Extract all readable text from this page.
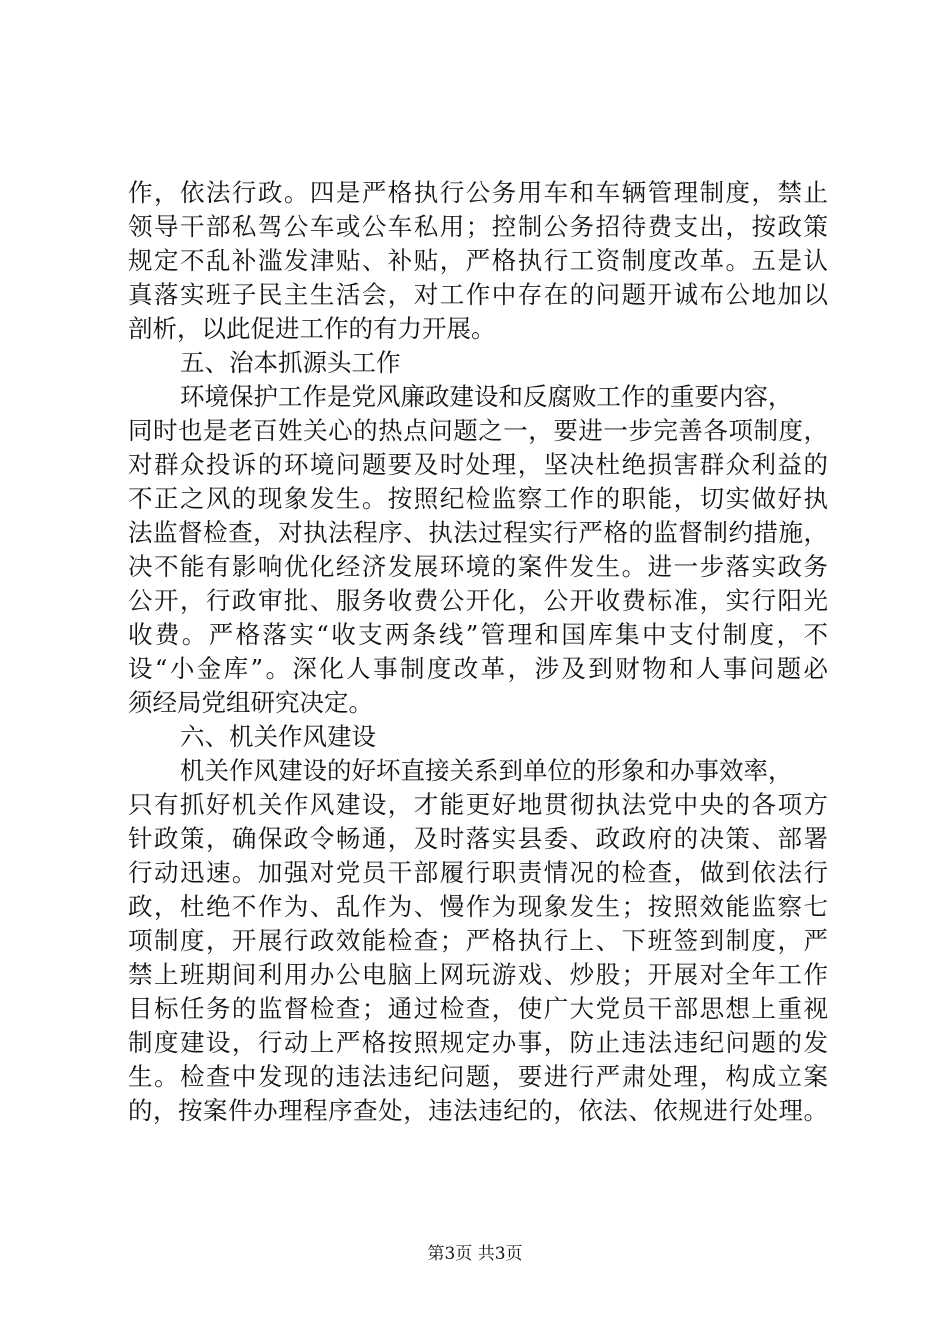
作，依法行政。四是严格执行公务用车和车辆管理制度，禁止
领导干部私驾公车或公车私用；控制公务招待费支出，按政策
规定不乱补滥发津贴、补贴，严格执行工资制度改革。五是认
真落实班子民主生活会，对工作中存在的问题开诚布公地加以
剖析，以此促进工作的有力开展。
五、治本抓源头工作
环境保护工作是党风廉政建设和反腐败工作的重要内容，
同时也是老百姓关心的热点问题之一，要进一步完善各项制度，
对群众投诉的环境问题要及时处理，坚决杜绝损害群众利益的
不正之风的现象发生。按照纪检监察工作的职能，切实做好执
法监督检查，对执法程序、执法过程实行严格的监督制约措施，
决不能有影响优化经济发展环境的案件发生。进一步落实政务
公开，行政审批、服务收费公开化，公开收费标准，实行阳光
收费。严格落实“收支两条线”管理和国库集中支付制度，不
设“小金库”。深化人事制度改革，涉及到财物和人事问题必
须经局党组研究决定。
六、机关作风建设
机关作风建设的好坏直接关系到单位的形象和办事效率，
只有抓好机关作风建设，才能更好地贯彻执法党中央的各项方
针政策，确保政令畅通，及时落实县委、政政府的决策、部署
行动迅速。加强对党员干部履行职责情况的检查，做到依法行
政，杜绝不作为、乱作为、慢作为现象发生；按照效能监察七
项制度，开展行政效能检查；严格执行上、下班签到制度，严
禁上班期间利用办公电脑上网玩游戏、炒股；开展对全年工作
目标任务的监督检查；通过检查，使广大党员干部思想上重视
制度建设，行动上严格按照规定办事，防止违法违纪问题的发
生。检查中发现的违法违纪问题，要进行严肃处理，构成立案
的，按案件办理程序查处，违法违纪的，依法、依规进行处理。
第3页 共3页
